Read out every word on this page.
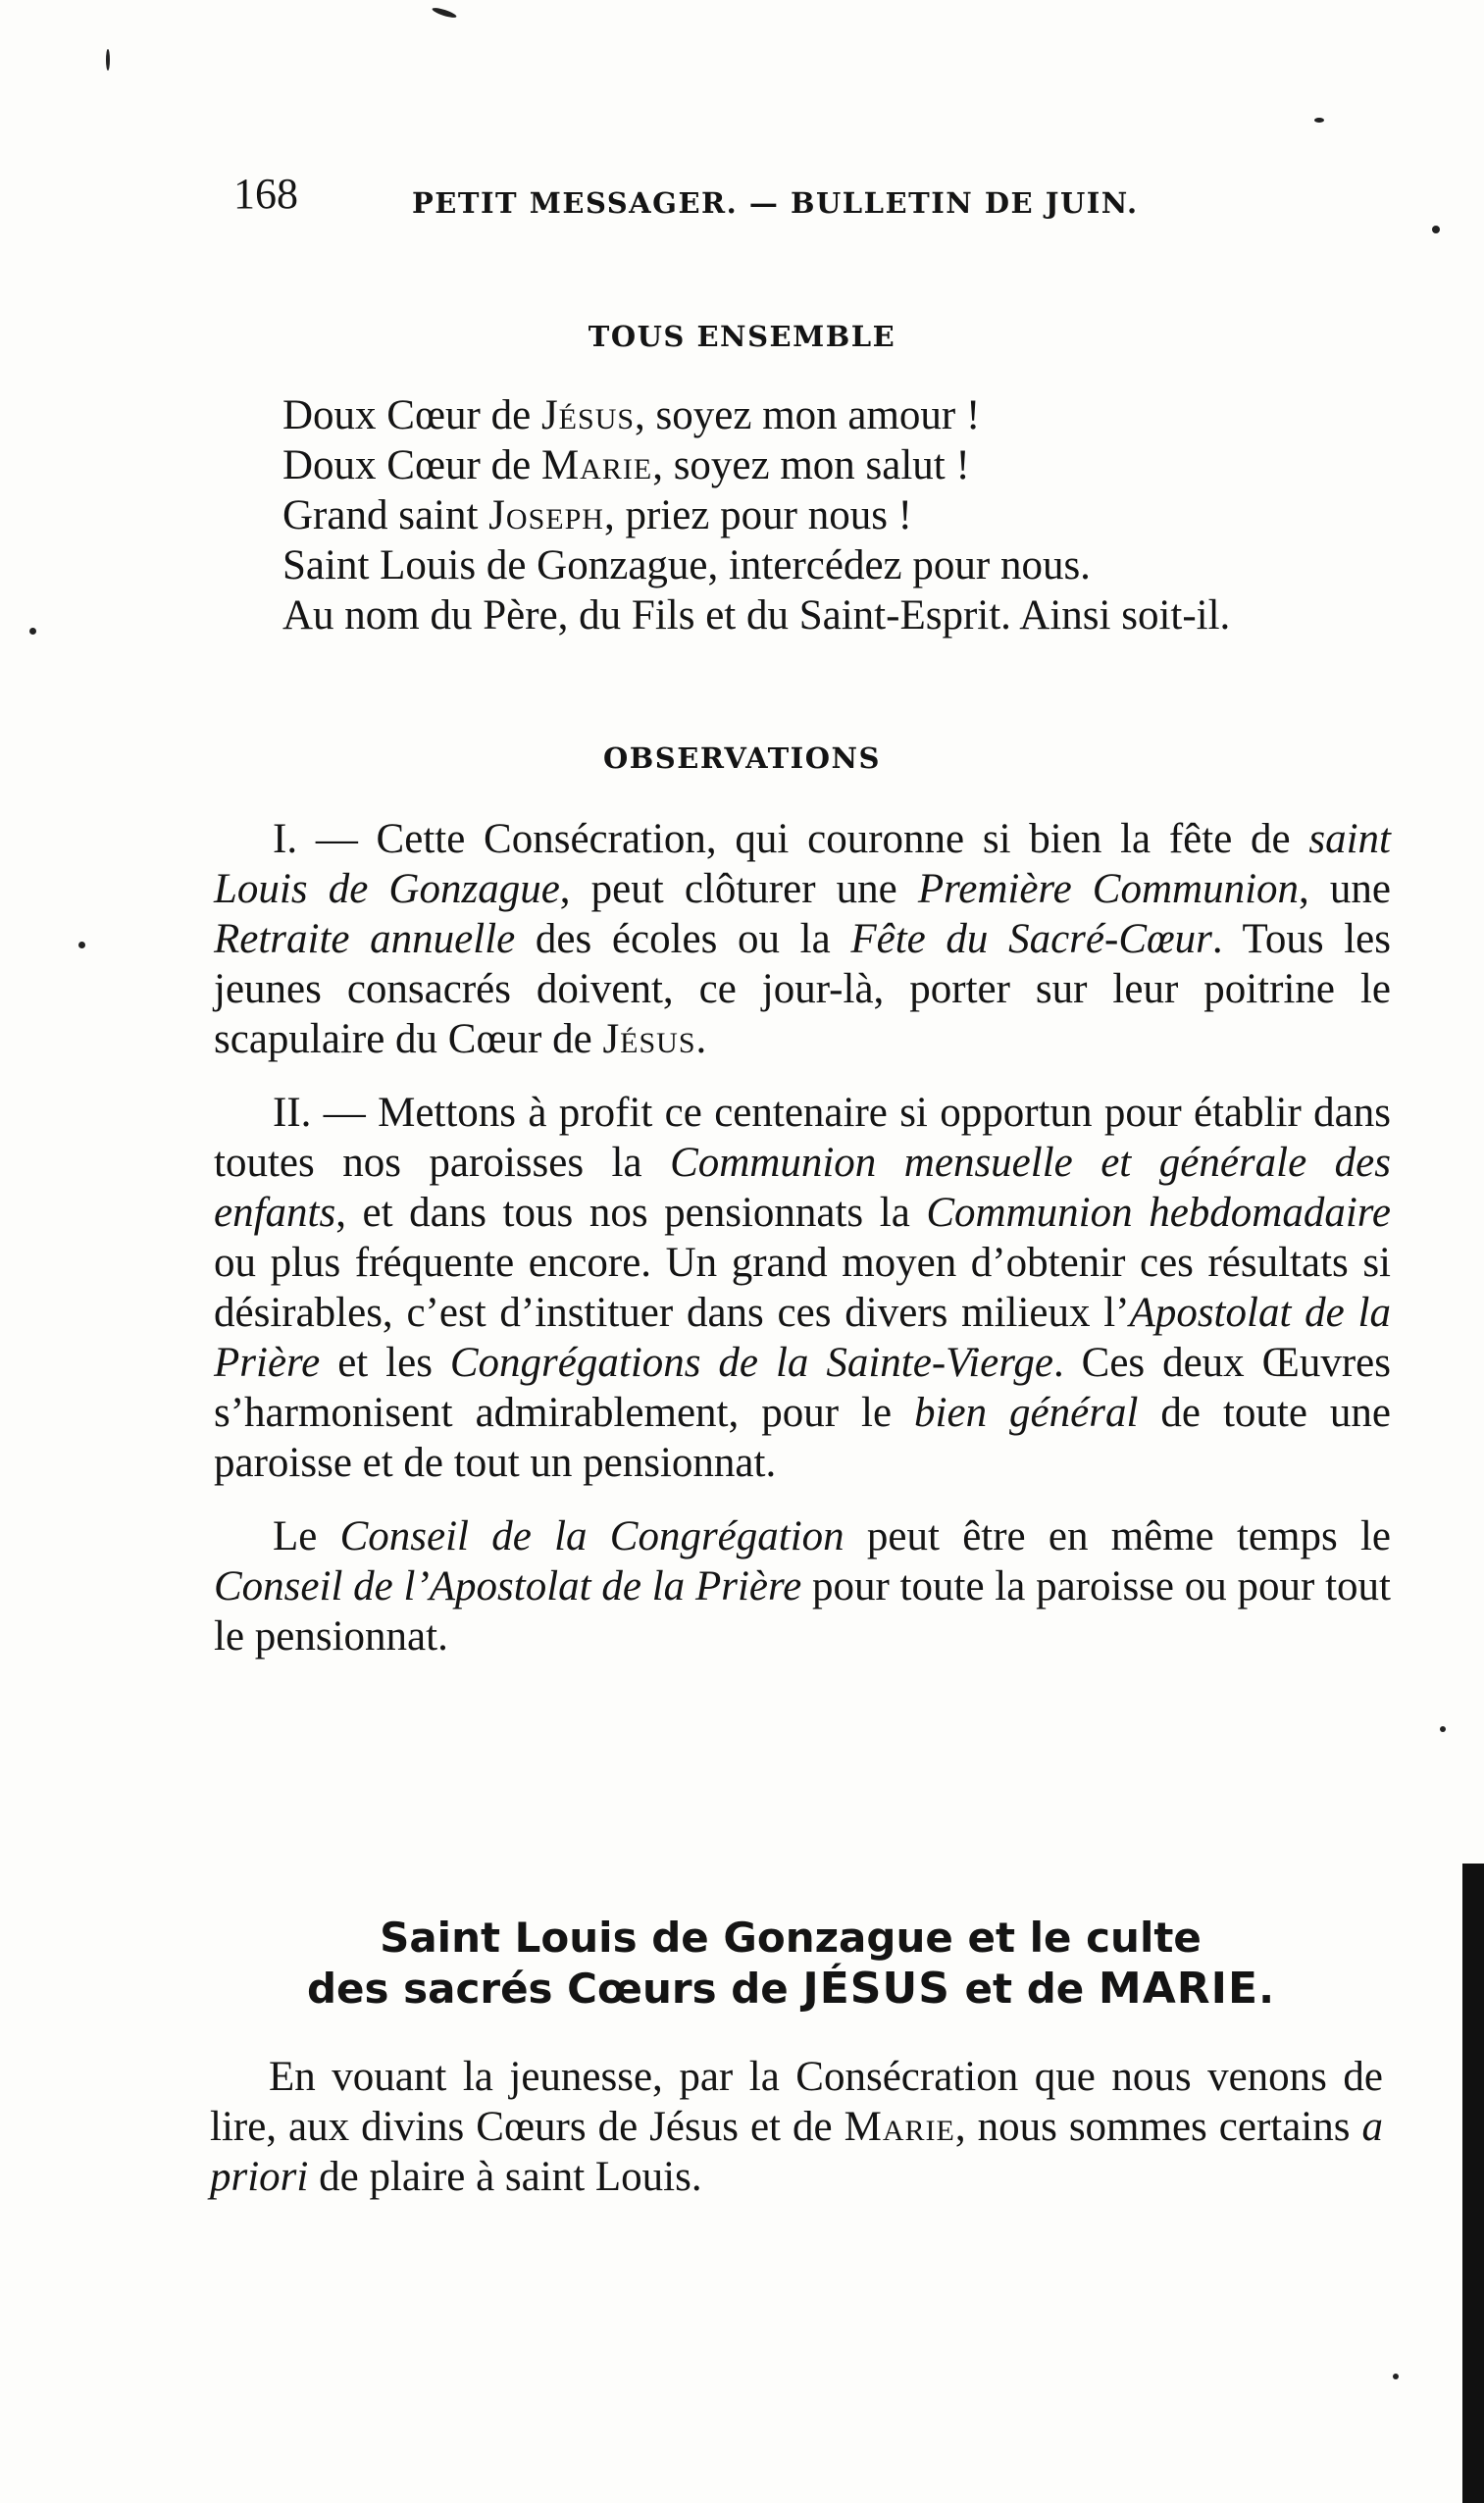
168	PETIT MESSAGER. — BULLETIN DE JUIN.
TOUS ENSEMBLE

Doux Cœur de Jésus, soyez mon amour !

Doux Cœur de Marie, soyez mon salut !

Grand saint Joseph, priez pour nous !

Saint Louis de Gonzague, intercédez pour nous.

Au nom du Père, du Fils et du Saint-Esprit. Ainsi soit-il.

OBSERVATIONS

I. — Cette Consécration, qui couronne si bien la fête de saint Louis de Gonzague, peut clôturer une Première Communion, une Retraite annuelle des écoles ou la Fête du Sacré-Cœur. Tous les jeunes consacrés doivent, ce jour-là, porter sur leur poitrine le scapulaire du Cœur de Jésus.

II. — Mettons à profit ce centenaire si opportun pour établir dans toutes nos paroisses la Communion mensuelle et générale des enfants, et dans tous nos pensionnats la Communion hebdomadaire ou plus fréquente encore. Un grand moyen d’obtenir ces résultats si désirables, c’est d’instituer dans ces divers milieux l’Apostolat de la Prière et les Congrégations de la Sainte-Vierge. Ces deux Œuvres s’harmonisent admirablement, pour le bien général de toute une paroisse et de tout un pensionnat.

Le Conseil de la Congrégation peut être en même temps le Conseil de l’Apostolat de la Prière pour toute la paroisse ou pour tout le pensionnat.

Saint Louis de Gonzague et le culte
des sacrés Cœurs de JÉSUS et de MARIE.

En vouant la jeunesse, par la Consécration que nous venons de lire, aux divins Cœurs de Jésus et de Marie, nous sommes certains a priori de plaire à saint Louis.
